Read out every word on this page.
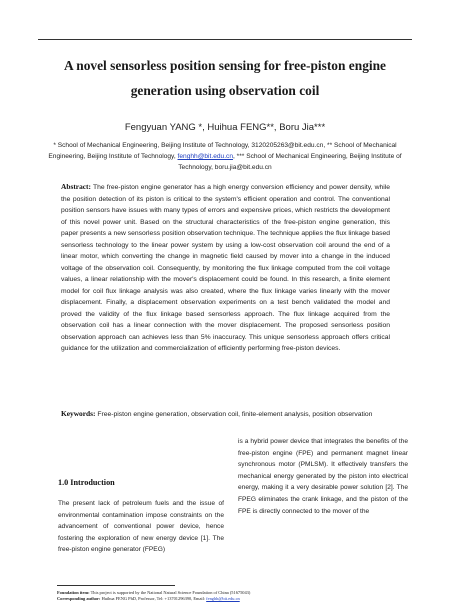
A novel sensorless position sensing for free-piston engine
generation using observation coil
Fengyuan YANG *, Huihua FENG**, Boru Jia***
* School of Mechanical Engineering, Beijing Institute of Technology, 3120205263@bit.edu.cn, ** School of Mechanical Engineering, Beijing Institute of Technology, fenghh@bit.edu.cn, *** School of Mechanical Engineering, Beijing Institute of Technology, boru.jia@bit.edu.cn

Abstract: The free-piston engine generator has a high energy conversion efficiency and power density, while the position detection of its piston is critical to the system's efficient operation and control. The conventional position sensors have issues with many types of errors and expensive prices, which restricts the development of this novel power unit. Based on the structural characteristics of the free-piston engine generation, this paper presents a new sensorless position observation technique. The technique applies the flux linkage based sensorless technology to the linear power system by using a low-cost observation coil around the end of a linear motor, which converting the change in magnetic field caused by mover into a change in the induced voltage of the observation coil. Consequently, by monitoring the flux linkage computed from the coil voltage values, a linear relationship with the mover's displacement could be found. In this research, a finite element model for coil flux linkage analysis was also created, where the flux linkage varies linearly with the mover displacement. Finally, a displacement observation experiments on a test bench validated the model and proved the validity of the flux linkage based sensorless approach. The flux linkage acquired from the observation coil has a linear connection with the mover displacement. The proposed sensorless position observation approach can achieves less than 5% inaccuracy. This unique sensorless approach offers critical guidance for the utilization and commercialization of efficiently performing free-piston devices.

Keywords: Free-piston engine generation, observation coil, finite-element analysis, position observation

1.0 Introduction

The present lack of petroleum fuels and the issue of environmental contamination impose constraints on the advancement of conventional power device, hence fostering the exploration of new energy device [1]. The free-piston engine generator (FPEG)

is a hybrid power device that integrates the benefits of the free-piston engine (FPE) and permanent magnet linear synchronous motor (PMLSM). It effectively transfers the mechanical energy generated by the piston into electrical energy, making it a very desirable power solution [2]. The FPEG eliminates the crank linkage, and the piston of the FPE is directly connected to the mover of the

Foundation item: This project is supported by the National Natural Science Foundation of China (51675043)
Corresponding author: Huihua FENG PhD, Professor, Tel: +13701296390, Email: fenghh@bit.edu.cn
